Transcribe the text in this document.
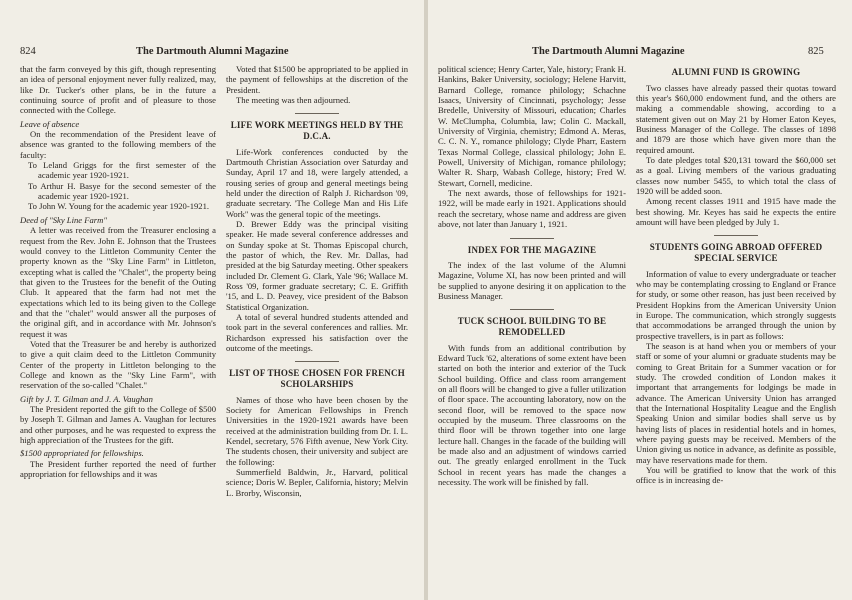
824	The Dartmouth Alumni Magazine

that the farm conveyed by this gift, though representing an idea of personal enjoyment never fully realized, may, like Dr. Tucker's other plans, be in the future a continuing source of profit and of pleasure to those connected with the College.

Leave of absence

On the recommendation of the President leave of absence was granted to the following members of the faculty:

To Leland Griggs for the first semester of the academic year 1920-1921.

To Arthur H. Basye for the second semester of the academic year 1920-1921.

To John W. Young for the academic year 1920-1921.

Deed of "Sky Line Farm"

A letter was received from the Treasurer enclosing a request from the Rev. John E. Johnson that the Trustees would convey to the Littleton Community Center the property known as the "Sky Line Farm" in Littleton, excepting what is called the "Chalet", the property being that given to the Trustees for the benefit of the Outing Club. It appeared that the farm had not met the expectations which led to its being given to the College and that the "chalet" would answer all the purposes of the original gift, and in accordance with Mr. Johnson's request it was

Voted that the Treasurer be and hereby is authorized to give a quit claim deed to the Littleton Community Center of the property in Littleton belonging to the College and known as the "Sky Line Farm", with reservation of the so-called "Chalet."

Gift by J. T. Gilman and J. A. Vaughan

The President reported the gift to the College of $500 by Joseph T. Gilman and James A. Vaughan for lectures and other purposes, and he was requested to express the high appreciation of the Trustees for the gift.

$1500 appropriated for fellowships.

The President further reported the need of further appropriation for fellowships and it was

Voted that $1500 be appropriated to be applied in the payment of fellowships at the discretion of the President.

The meeting was then adjourned.

LIFE WORK MEETINGS HELD BY THE D.C.A.

Life-Work conferences conducted by the Dartmouth Christian Association over Saturday and Sunday, April 17 and 18, were largely attended, a rousing series of group and general meetings being held under the direction of Ralph J. Richardson '09, graduate secretary. 'The College Man and His Life Work" was the general topic of the meetings.

D. Brewer Eddy was the principal visiting speaker. He made several conference addresses and on Sunday spoke at St. Thomas Episcopal church, the pastor of which, the Rev. Mr. Dallas, had presided at the big Saturday meeting. Other speakers included Dr. Clement G. Clark, Yale '96; Wallace M. Ross '09, former graduate secretary; C. E. Griffith '15, and L. D. Peavey, vice president of the Babson Statistical Organization.

A total of several hundred students attended and took part in the several conferences and rallies. Mr. Richardson expressed his satisfaction over the outcome of the meetings.

LIST OF THOSE CHOSEN FOR FRENCH SCHOLARSHIPS

Names of those who have been chosen by the Society for American Fellowships in French Universities in the 1920-1921 awards have been received at the administration building from Dr. I. L. Kendel, secretary, 576 Fifth avenue, New York City. The students chosen, their university and subject are the following:

Summerfield Baldwin, Jr., Harvard, political science; Doris W. Bepler, California, history; Melvin L. Brorby, Wisconsin,

The Dartmouth Alumni Magazine	825

political science; Henry Carter, Yale, history; Frank H. Hankins, Baker University, sociology; Helene Harvitt, Barnard College, romance philology; Schachne Isaacs, University of Cincinnati, psychology; Jesse Bredelle, University of Missouri, education; Charles W. McClumpha, Columbia, law; Colin C. Mackall, University of Virginia, chemistry; Edmond A. Meras, C. C. N. Y., romance philology; Clyde Pharr, Eastern Texas Normal College, classical philology; John E. Powell, University of Michigan, romance philology; Walter R. Sharp, Wabash College, history; Fred W. Stewart, Cornell, medicine.

The next awards, those of fellowships for 1921-1922, will be made early in 1921. Applications should reach the secretary, whose name and address are given above, not later than January 1, 1921.

INDEX FOR THE MAGAZINE

The index of the last volume of the Alumni Magazine, Volume XI, has now been printed and will be supplied to anyone desiring it on application to the Business Manager.

TUCK SCHOOL BUILDING TO BE REMODELLED

With funds from an additional contribution by Edward Tuck '62, alterations of some extent have been started on both the interior and exterior of the Tuck School building. Office and class room arrangement on all floors will be changed to give a fuller utilization of floor space. The accounting laboratory, now on the second floor, will be removed to the space now occupied by the museum. Three classrooms on the third floor will be thrown together into one large lecture hall. Changes in the facade of the building will be made also and an adjustment of windows carried out. The greatly enlarged enrollment in the Tuck School in recent years has made the changes a necessity. The work will be finished by fall.

ALUMNI FUND IS GROWING

Two classes have already passed their quotas toward this year's $60,000 endowment fund, and the others are making a commendable showing, according to a statement given out on May 21 by Homer Eaton Keyes, Business Manager of the College. The classes of 1898 and 1879 are those which have given more than the required amount.

To date pledges total $20,131 toward the $60,000 set as a goal. Living members of the various graduating classes now number 5455, to which total the class of 1920 will be added soon.

Among recent classes 1911 and 1915 have made the best showing. Mr. Keyes has said he expects the entire amount will have been pledged by July 1.

STUDENTS GOING ABROAD OFFERED SPECIAL SERVICE

Information of value to every undergraduate or teacher who may be contemplating crossing to England or France for study, or some other reason, has just been received by President Hopkins from the American University Union in Europe. The communication, which strongly suggests that accommodations be arranged through the union by prospective travellers, is in part as follows:

The season is at hand when you or members of your staff or some of your alumni or graduate students may be coming to Great Britain for a Summer vacation or for study. The crowded condition of London makes it important that arrangements for lodgings be made in advance. The American University Union has arranged that the International Hospitality League and the English Speaking Union and similar bodies shall serve us by having lists of places in residential hotels and in homes, where paying guests may be received. Members of the Union giving us notice in advance, as definite as possible, may have reservations made for them.

You will be gratified to know that the work of this office is in increasing de-
